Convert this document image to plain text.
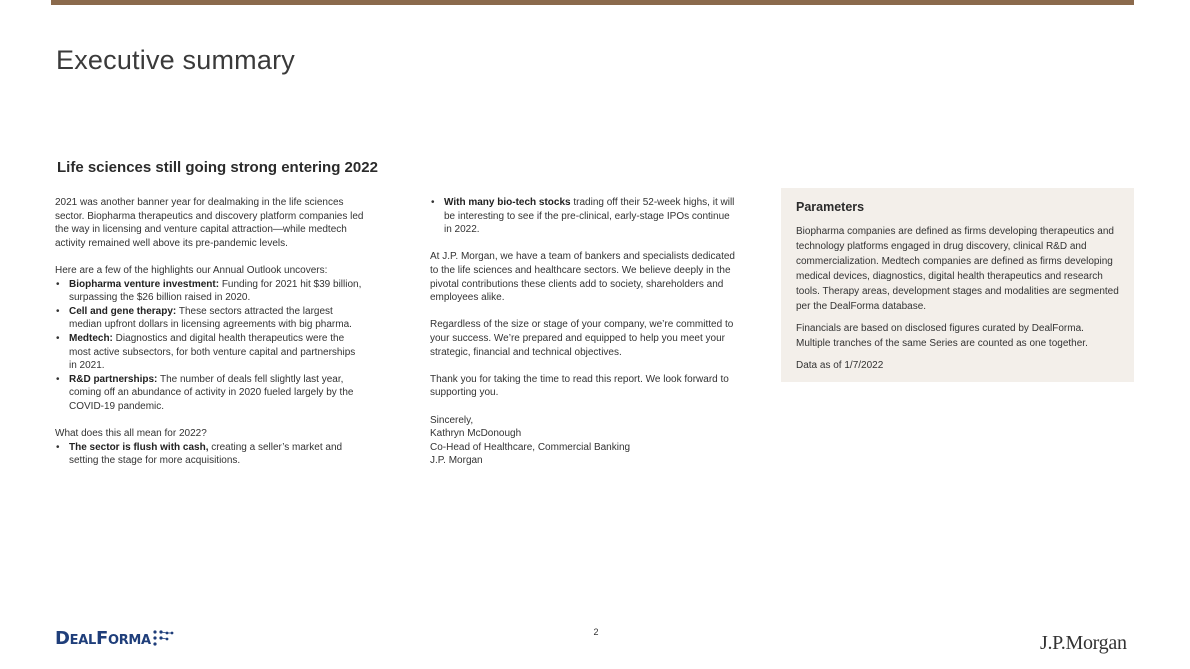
Executive summary
Life sciences still going strong entering 2022

2021 was another banner year for dealmaking in the life sciences sector. Biopharma therapeutics and discovery platform companies led the way in licensing and venture capital attraction—while medtech activity remained well above its pre-pandemic levels.

Here are a few of the highlights our Annual Outlook uncovers:

• Biopharma venture investment: Funding for 2021 hit $39 billion, surpassing the $26 billion raised in 2020.
• Cell and gene therapy: These sectors attracted the largest median upfront dollars in licensing agreements with big pharma.
• Medtech: Diagnostics and digital health therapeutics were the most active subsectors, for both venture capital and partnerships in 2021.
• R&D partnerships: The number of deals fell slightly last year, coming off an abundance of activity in 2020 fueled largely by the COVID-19 pandemic.

What does this all mean for 2022?

• The sector is flush with cash, creating a seller’s market and setting the stage for more acquisitions.
• With many bio-tech stocks trading off their 52-week highs, it will be interesting to see if the pre-clinical, early-stage IPOs continue in 2022.

At J.P. Morgan, we have a team of bankers and specialists dedicated to the life sciences and healthcare sectors. We believe deeply in the pivotal contributions these clients add to society, shareholders and employees alike.

Regardless of the size or stage of your company, we’re committed to your success. We’re prepared and equipped to help you meet your strategic, financial and technical objectives.

Thank you for taking the time to read this report. We look forward to supporting you.

Sincerely,

Kathryn McDonough

Co-Head of Healthcare, Commercial Banking

J.P. Morgan

Parameters

Biopharma companies are defined as firms developing therapeutics and technology platforms engaged in drug discovery, clinical R&D and commercialization. Medtech companies are defined as firms developing medical devices, diagnostics, digital health therapeutics and research tools. Therapy areas, development stages and modalities are segmented per the DealForma database.

Financials are based on disclosed figures curated by DealForma. Multiple tranches of the same Series are counted as one together.

Data as of 1/7/2022

DealForma	2	J.P.Morgan
